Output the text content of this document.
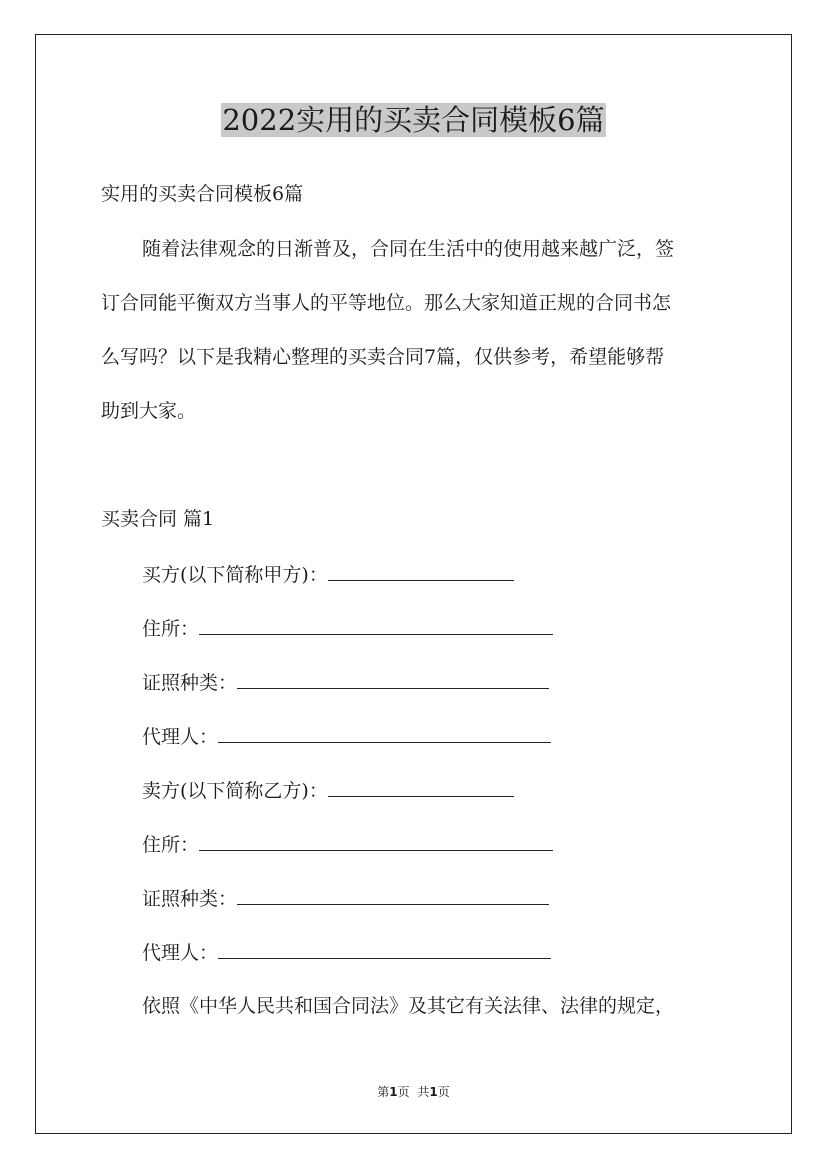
2022实用的买卖合同模板6篇
实用的买卖合同模板6篇
随着法律观念的日渐普及，合同在生活中的使用越来越广泛，签
订合同能平衡双方当事人的平等地位。那么大家知道正规的合同书怎
么写吗？以下是我精心整理的买卖合同7篇，仅供参考，希望能够帮
助到大家。
买卖合同 篇1
买方(以下简称甲方)：
住所：
证照种类：
代理人：
卖方(以下简称乙方)：
住所：
证照种类：
代理人：
依照《中华人民共和国合同法》及其它有关法律、法律的规定，
第1页 共1页
